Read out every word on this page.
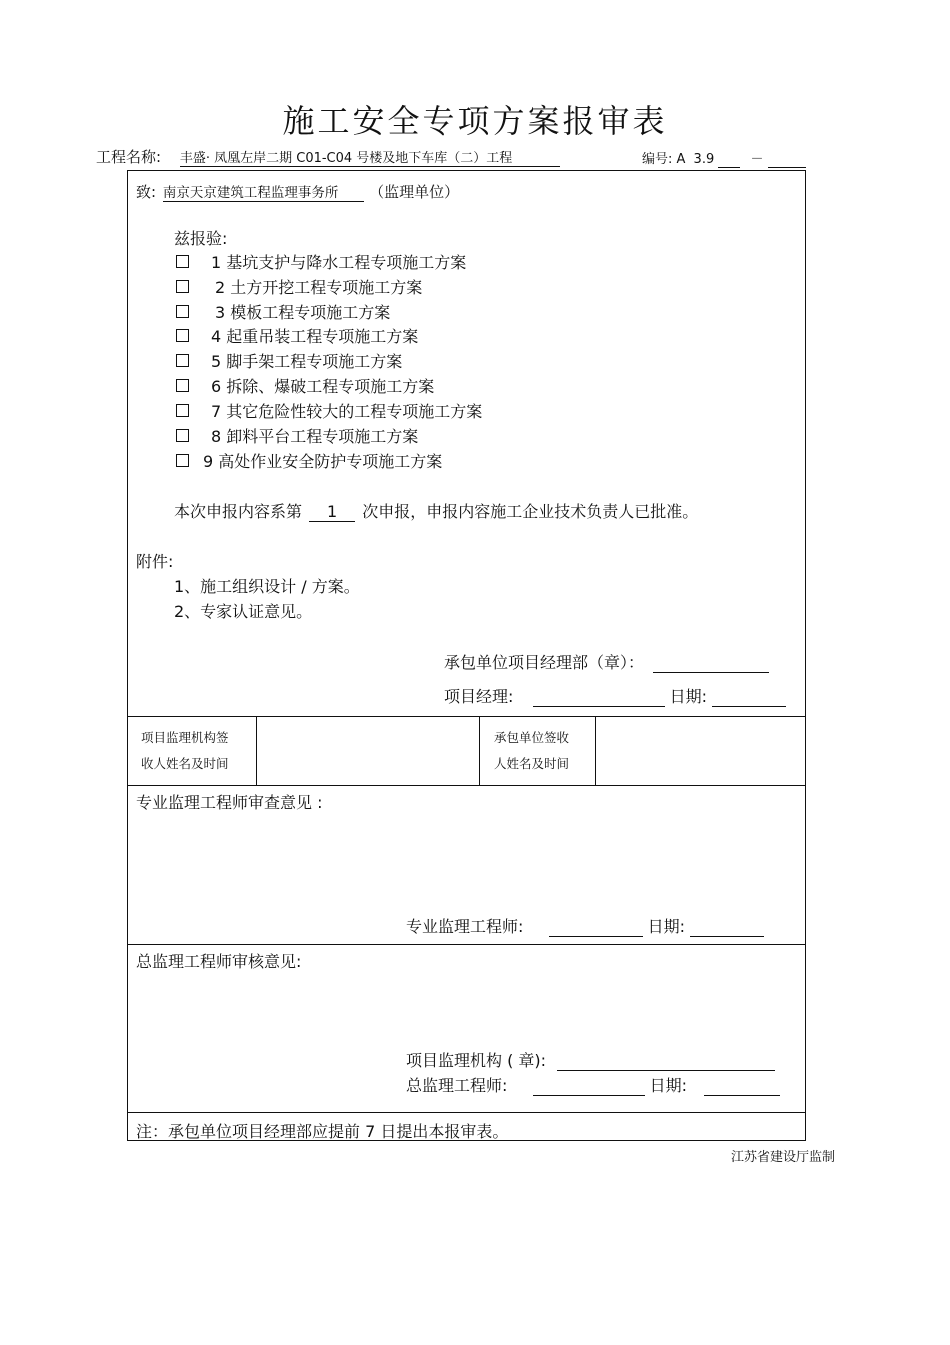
施工安全专项方案报审表
工程名称: 丰盛· 凤凰左岸二期 C01-C04 号楼及地下车库（二）工程	编号: A 3.9	－
致: 南京天京建筑工程监理事务所 （监理单位）
兹报验:
1 基坑支护与降水工程专项施工方案
2 土方开挖工程专项施工方案
3 模板工程专项施工方案
4 起重吊装工程专项施工方案
5 脚手架工程专项施工方案
6 拆除、爆破工程专项施工方案
7 其它危险性较大的工程专项施工方案
8 卸料平台工程专项施工方案
9 高处作业安全防护专项施工方案
本次申报内容系第 1 次申报，申报内容施工企业技术负责人已批准。
附件:
1、施工组织设计 / 方案。
2、专家认证意见。
承包单位项目经理部（章）：
项目经理:	日期:
项目监理机构签
收人姓名及时间
承包单位签收
人姓名及时间
专业监理工程师审查意见 :
专业监理工程师:	日期:
总监理工程师审核意见:
项目监理机构 ( 章):
总监理工程师:	日期:
注：承包单位项目经理部应提前 7 日提出本报审表。
江苏省建设厅监制
